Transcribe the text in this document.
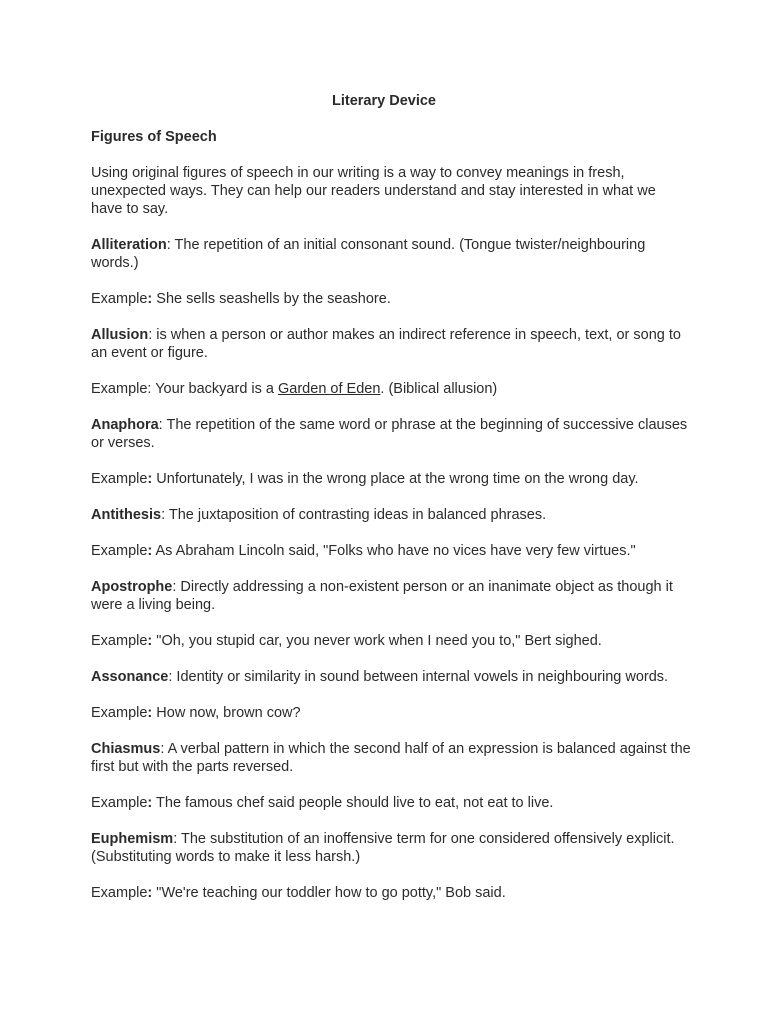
Literary Device
Figures of Speech

Using original figures of speech in our writing is a way to convey meanings in fresh, unexpected ways. They can help our readers understand and stay interested in what we have to say.

Alliteration: The repetition of an initial consonant sound. (Tongue twister/neighbouring words.)

Example: She sells seashells by the seashore.

Allusion: is when a person or author makes an indirect reference in speech, text, or song to an event or figure.

Example: Your backyard is a Garden of Eden. (Biblical allusion)

Anaphora: The repetition of the same word or phrase at the beginning of successive clauses or verses.

Example: Unfortunately, I was in the wrong place at the wrong time on the wrong day.

Antithesis: The juxtaposition of contrasting ideas in balanced phrases.

Example: As Abraham Lincoln said, "Folks who have no vices have very few virtues."

Apostrophe: Directly addressing a non-existent person or an inanimate object as though it were a living being.

Example: "Oh, you stupid car, you never work when I need you to," Bert sighed.

Assonance: Identity or similarity in sound between internal vowels in neighbouring words.

Example: How now, brown cow?

Chiasmus: A verbal pattern in which the second half of an expression is balanced against the first but with the parts reversed.

Example: The famous chef said people should live to eat, not eat to live.

Euphemism: The substitution of an inoffensive term for one considered offensively explicit. (Substituting words to make it less harsh.)

Example: "We're teaching our toddler how to go potty," Bob said.
